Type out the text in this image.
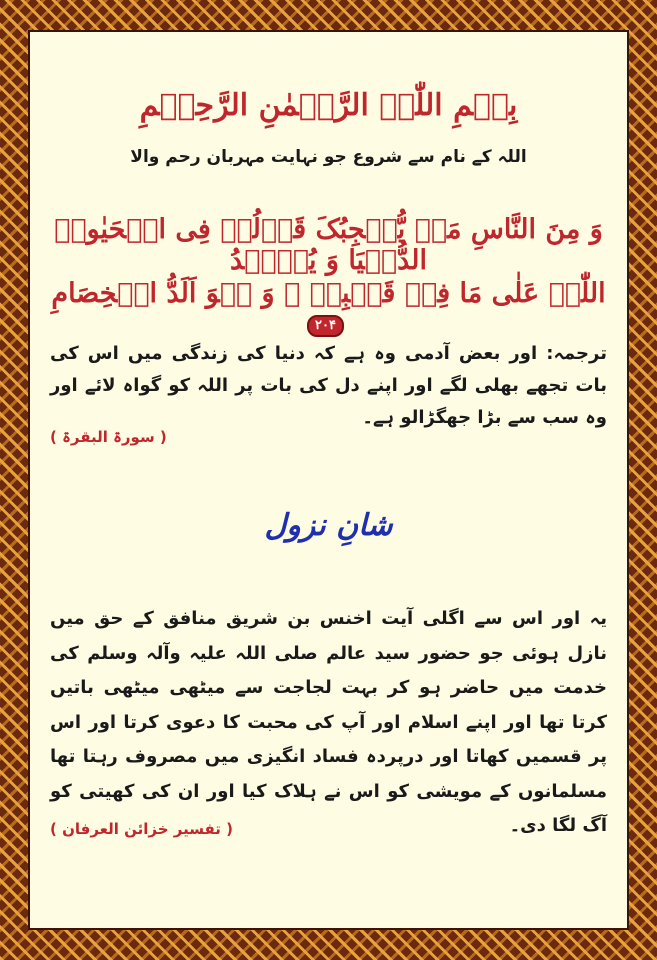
بِسۡمِ اللّٰہِ الرَّحۡمٰنِ الرَّحِیۡمِ

اللہ کے نام سے شروع جو نہایت مہربان رحم والا

وَ مِنَ النَّاسِ مَنۡ یُّعۡجِبُکَ قَوۡلُہٗ فِی الۡحَیٰوۃِ الدُّنۡیَا وَ یُشۡہِدُ

اللّٰہَ عَلٰی مَا فِیۡ قَلۡبِہٖ ۙ وَ ہُوَ اَلَدُّ الۡخِصَامِ ۲۰۴

ترجمہ: اور بعض آدمی وہ ہے کہ دنیا کی زندگی میں اس کی بات تجھے بھلی لگے اور اپنے دل کی بات پر اللہ کو گواہ لائے اور وہ سب سے بڑا جھگڑالو ہے۔

( سورۃ البقرۃ )

شانِ نزول

یہ اور اس سے اگلی آیت اخنس بن شریق منافق کے حق میں نازل ہوئی جو حضور سید عالم صلی اللہ علیہ وآلہ وسلم کی خدمت میں حاضر ہو کر بہت لجاجت سے میٹھی میٹھی باتیں کرتا تھا اور اپنے اسلام اور آپ کی محبت کا دعوی کرتا اور اس پر قسمیں کھاتا اور درپردہ فساد انگیزی میں مصروف رہتا تھا مسلمانوں کے مویشی کو اس نے ہلاک کیا اور ان کی کھیتی کو آگ لگا دی۔

( تفسیر خزائن العرفان )
